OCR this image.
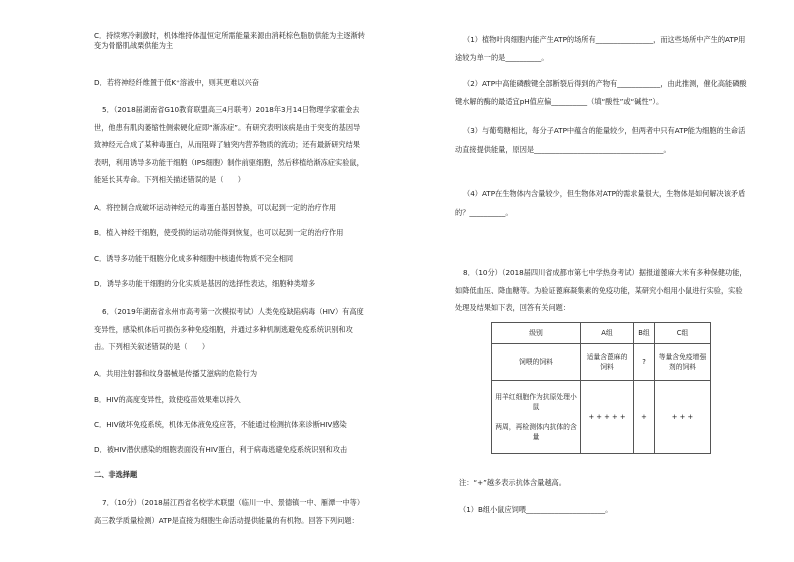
C．持续寒冷刺激时，机体维持体温恒定所需能量来源由消耗棕色脂肪供能为主逐渐转变为骨骼肌战栗供能为主
D．若将神经纤维置于低K⁺溶液中，则其更难以兴奋
5．（2018届湖南省G10教育联盟高三4月联考）2018年3月14日物理学家霍金去世，他患有肌肉萎缩性侧索硬化症即“渐冻症”。有研究表明该病是由于突变的基因导致神经元合成了某种毒蛋白，从而阻碍了轴突内营养物质的流动；还有最新研究结果表明，利用诱导多功能干细胞（IPS细胞）制作前驱细胞，然后移植给渐冻症实验鼠，能延长其寿命。下列相关描述错误的是（　　）
A．将控制合成破坏运动神经元的毒蛋白基因替换，可以起到一定的治疗作用
B．植入神经干细胞，使受损的运动功能得到恢复，也可以起到一定的治疗作用
C．诱导多功能干细胞分化成多种细胞中核遗传物质不完全相同
D．诱导多功能干细胞的分化实质是基因的选择性表达，细胞种类增多
6．（2019年湖南省永州市高考第一次模拟考试）人类免疫缺陷病毒（HIV）有高度变异性，感染机体后可损伤多种免疫细胞，并通过多种机制逃避免疫系统识别和攻击。下列相关叙述错误的是（　　）
A．共用注射器和纹身器械是传播艾滋病的危险行为
B．HIV的高度变异性，致使疫苗效果难以持久
C．HIV破坏免疫系统，机体无体液免疫应答，不能通过检测抗体来诊断HIV感染
D．被HIV潜伏感染的细胞表面没有HIV蛋白，利于病毒逃避免疫系统识别和攻击
二、非选择题
7．（10分）（2018届江西省名校学术联盟（临川一中、景德镇一中、雁潭一中等）高三教学质量检测）ATP是直接为细胞生命活动提供能量的有机物。回答下列问题：
（1）植物叶肉细胞内能产生ATP的场所有________________，而这些场所中产生的ATP用途较为单一的是__________。
（2）ATP中高能磷酸键全部断裂后得到的产物有____________，由此推测，催化高能磷酸键水解的酶的最适宜pH值应偏__________（填“酸性”或“碱性”）。
（3）与葡萄糖相比，每分子ATP中蕴含的能量较少，但两者中只有ATP能为细胞的生命活动直接提供能量，原因是____________________________________。
（4）ATP在生物体内含量较少，但生物体对ATP的需求量很大，生物体是如何解决该矛盾的？__________。
8．（10分）（2018届四川省成都市第七中学热身考试）据报道蓖麻大米有多种保健功能，如降低血压、降血糖等。为验证蓖麻凝集素的免疫功能，某研究小组用小鼠进行实验，实验处理及结果如下表，回答有关问题：
级别	A组	B组	C组
饲喂的饲料	适量含蓖麻的饲料	?	等量含免疫增强剂的饲料

用羊红细胞作为抗原处理小鼠
两周，再检测体内抗体的含量	+ + + + +	+	+ + +
注：“+”越多表示抗体含量越高。
（1）B组小鼠应饲喂______________________。
